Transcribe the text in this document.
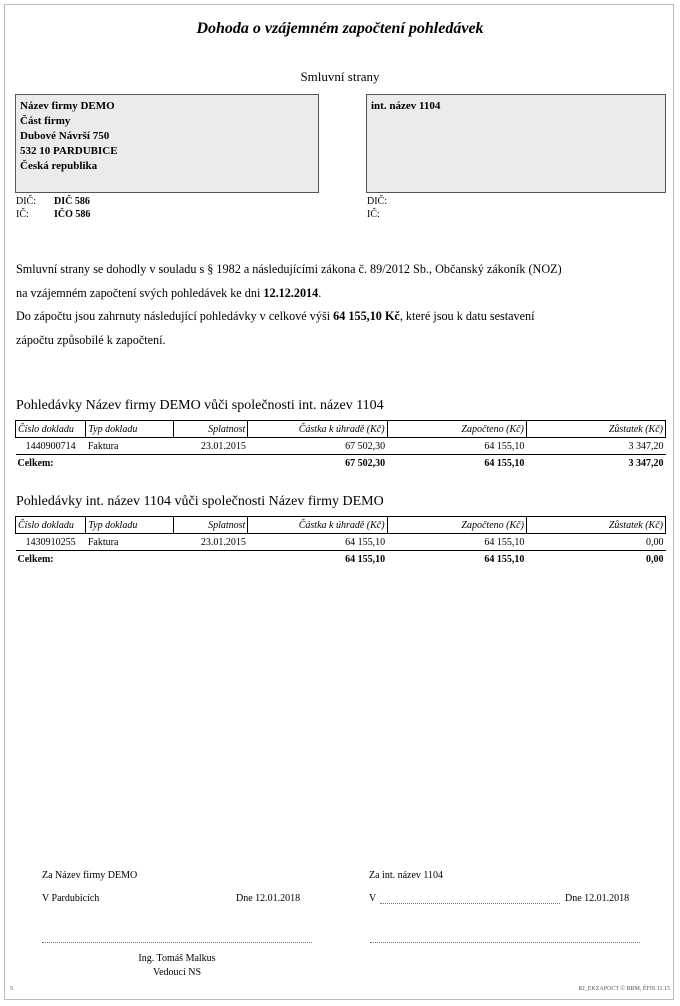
Dohoda o vzájemném započtení pohledávek
Smluvní strany
Název firmy DEMO
Část firmy
Dubové Návrší 750
532 10 PARDUBICE
Česká republika
DIČ: DIČ 586
IČ:	IČO 586
int. název 1104
DIČ:
IČ:
Smluvní strany se dohodly v souladu s § 1982 a následujícími zákona č. 89/2012 Sb., Občanský zákoník (NOZ)
na vzájemném započtení svých pohledávek ke dni 12.12.2014.
Do zápočtu jsou zahrnuty následující pohledávky v celkové výši 64 155,10 Kč, které jsou k datu sestavení
zápočtu způsobilé k započtení.
Pohledávky Název firmy DEMO vůči společnosti int. název 1104
Číslo dokladu	Typ dokladu	Splatnost	Částka k úhradě (Kč)	Započteno (Kč)	Zůstatek (Kč)
1440900714	Faktura	23.01.2015	67 502,30	64 155,10	3 347,20
Celkem:			67 502,30	64 155,10	3 347,20
Pohledávky int. název 1104 vůči společnosti Název firmy DEMO
Číslo dokladu	Typ dokladu	Splatnost	Částka k úhradě (Kč)	Započteno (Kč)	Zůstatek (Kč)
1430910255	Faktura	23.01.2015	64 155,10	64 155,10	0,00
Celkem:			64 155,10	64 155,10	0,00
Za Název firmy DEMO
V Pardubicích	Dne 12.01.2018
Ing. Tomáš Malkus
Vedoucí NS
Za int. název 1104
V	Dne 12.01.2018
5	RJ_EKZAPOCT © BBM, ÉFIS 11.15
